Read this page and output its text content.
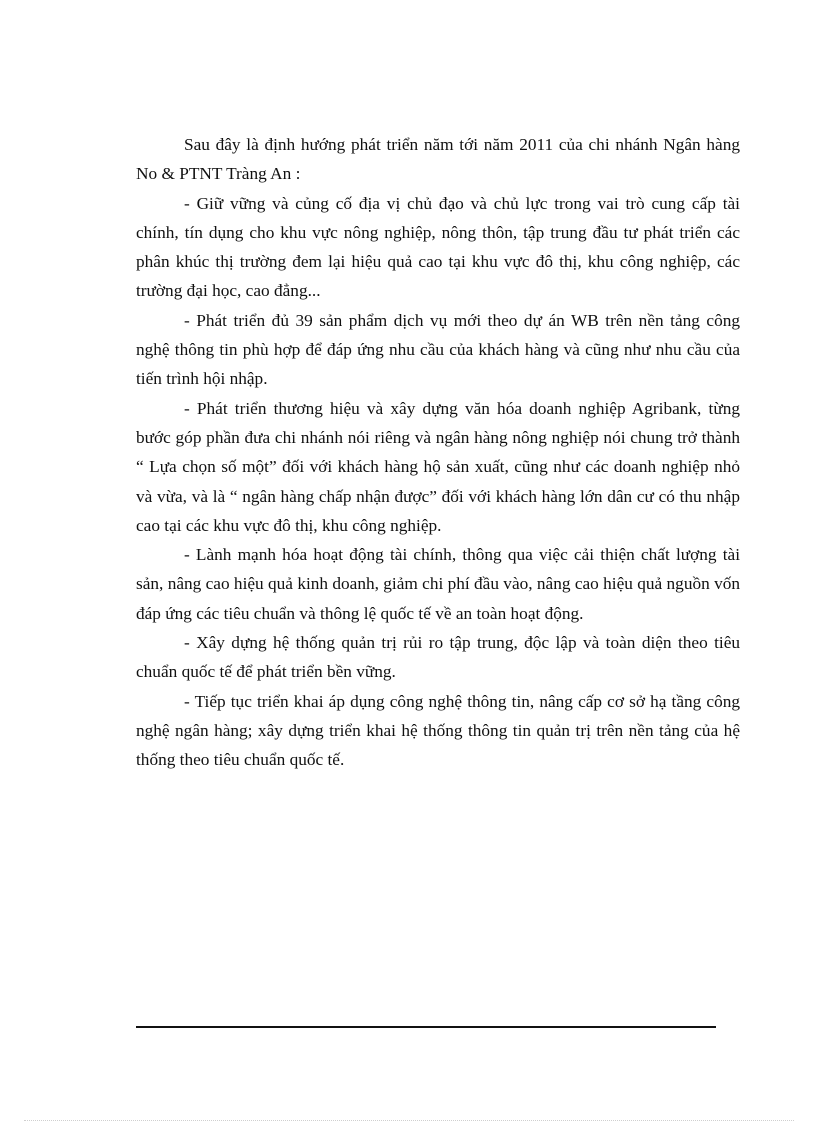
Sau đây là định hướng phát triển năm tới năm 2011 của chi nhánh Ngân hàng No & PTNT Tràng An :

- Giữ vững và củng cố địa vị chủ đạo và chủ lực trong vai trò cung cấp tài chính, tín dụng cho khu vực nông nghiệp, nông thôn, tập trung đầu tư phát triển các phân khúc thị trường đem lại hiệu quả cao tại khu vực đô thị, khu công nghiệp, các trường đại học, cao đẳng...

- Phát triển đủ 39 sản phẩm dịch vụ mới theo dự án WB trên nền tảng công nghệ thông tin phù hợp để đáp ứng nhu cầu của khách hàng và cũng như nhu cầu của tiến trình hội nhập.

- Phát triển thương hiệu và xây dựng văn hóa doanh nghiệp Agribank, từng bước góp phần đưa chi nhánh nói riêng và ngân hàng nông nghiệp nói chung trở thành “ Lựa chọn số một” đối với khách hàng hộ sản xuất, cũng như các doanh nghiệp nhỏ và vừa, và là “ ngân hàng chấp nhận được” đối với khách hàng lớn dân cư có thu nhập cao tại các khu vực đô thị, khu công nghiệp.

- Lành mạnh hóa hoạt động tài chính, thông qua việc cải thiện chất lượng tài sản, nâng cao hiệu quả kinh doanh, giảm chi phí đầu vào, nâng cao hiệu quả nguồn vốn đáp ứng các tiêu chuẩn và thông lệ quốc tế về an toàn hoạt động.

- Xây dựng hệ thống quản trị rủi ro tập trung, độc lập và toàn diện theo tiêu chuẩn quốc tế để phát triển bền vững.

- Tiếp tục triển khai áp dụng công nghệ thông tin, nâng cấp cơ sở hạ tầng công nghệ ngân hàng; xây dựng triển khai hệ thống thông tin quản trị trên nền tảng của hệ thống theo tiêu chuẩn quốc tế.
